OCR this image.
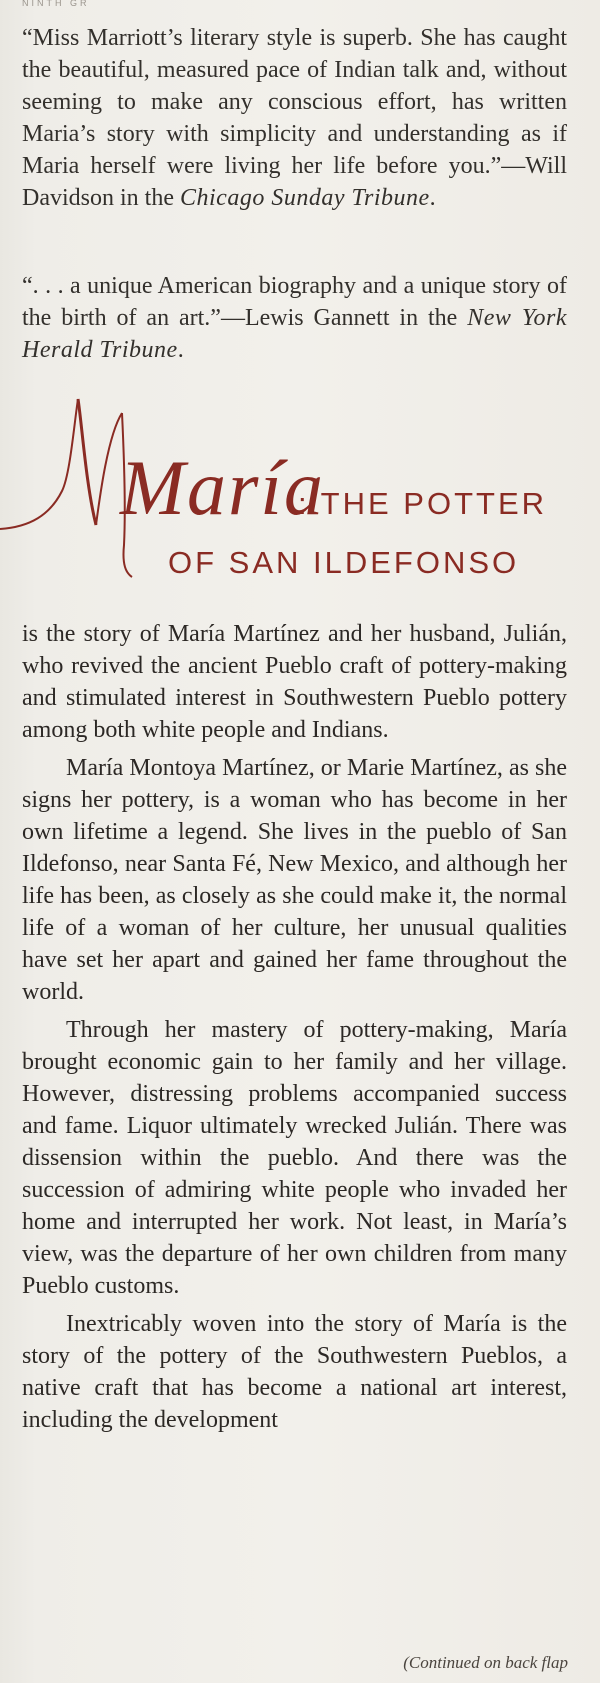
NINTH GR
“Miss Marriott’s literary style is superb. She has caught the beautiful, measured pace of Indian talk and, without seeming to make any conscious effort, has written Maria’s story with simplicity and understanding as if Maria herself were living her life before you.”—Will Davidson in the Chicago Sunday Tribune.
“. . . a unique American biography and a unique story of the birth of an art.”—Lewis Gannett in the New York Herald Tribune.
María
: THE POTTER
OF SAN ILDEFONSO

is the story of María Martínez and her husband, Julián, who revived the ancient Pueblo craft of pottery-making and stimulated interest in Southwestern Pueblo pottery among both white people and Indians.

María Montoya Martínez, or Marie Martínez, as she signs her pottery, is a woman who has become in her own lifetime a legend. She lives in the pueblo of San Ildefonso, near Santa Fé, New Mexico, and although her life has been, as closely as she could make it, the normal life of a woman of her culture, her unusual qualities have set her apart and gained her fame throughout the world.

Through her mastery of pottery-making, María brought economic gain to her family and her village. However, distressing problems accompanied success and fame. Liquor ultimately wrecked Julián. There was dissension within the pueblo. And there was the succession of admiring white people who invaded her home and interrupted her work. Not least, in María’s view, was the departure of her own children from many Pueblo customs.

Inextricably woven into the story of María is the story of the pottery of the Southwestern Pueblos, a native craft that has become a national art interest, including the development

(Continued on back flap
